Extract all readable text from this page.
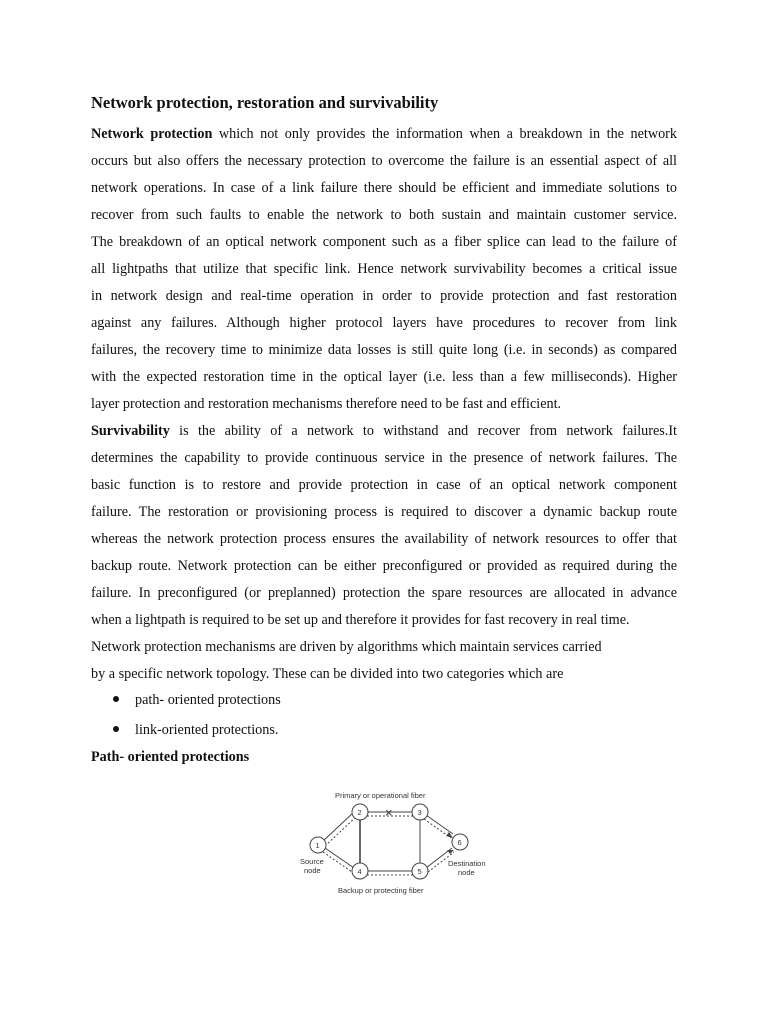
Network protection, restoration and survivability

Network protection which not only provides the information when a breakdown in the network

occurs but also offers the necessary protection to overcome the failure is an essential aspect of all

network operations. In case of a link failure there should be efficient and immediate solutions to

recover from such faults to enable the network to both sustain and maintain customer service.

The breakdown of an optical network component such as a fiber splice can lead to the failure of

all lightpaths that utilize that specific link. Hence network survivability becomes a critical issue

in network design and real-time operation in order to provide protection and fast restoration

against any failures. Although higher protocol layers have procedures to recover from link

failures, the recovery time to minimize data losses is still quite long (i.e. in seconds) as compared

with the expected restoration time in the optical layer (i.e. less than a few milliseconds). Higher

layer protection and restoration mechanisms therefore need to be fast and efficient.

Survivability is the ability of a network to withstand and recover from network failures.It

determines the capability to provide continuous service in the presence of network failures. The

basic function is to restore and provide protection in case of an optical network component

failure. The restoration or provisioning process is required to discover a dynamic backup route

whereas the network protection process ensures the availability of network resources to offer that

backup route. Network protection can be either preconfigured or provided as required during the

failure. In preconfigured (or preplanned) protection the spare resources are allocated in advance

when a lightpath is required to be set up and therefore it provides for fast recovery in real time.

Network protection mechanisms are driven by algorithms which maintain services carried

by a specific network topology. These can be divided into two categories which are

path- oriented protections
link-oriented protections.
Path- oriented protections
×
1
2	3
4	5
6
Primary or operational fiber
Backup or protecting fiber
Source
node
Destination
node
